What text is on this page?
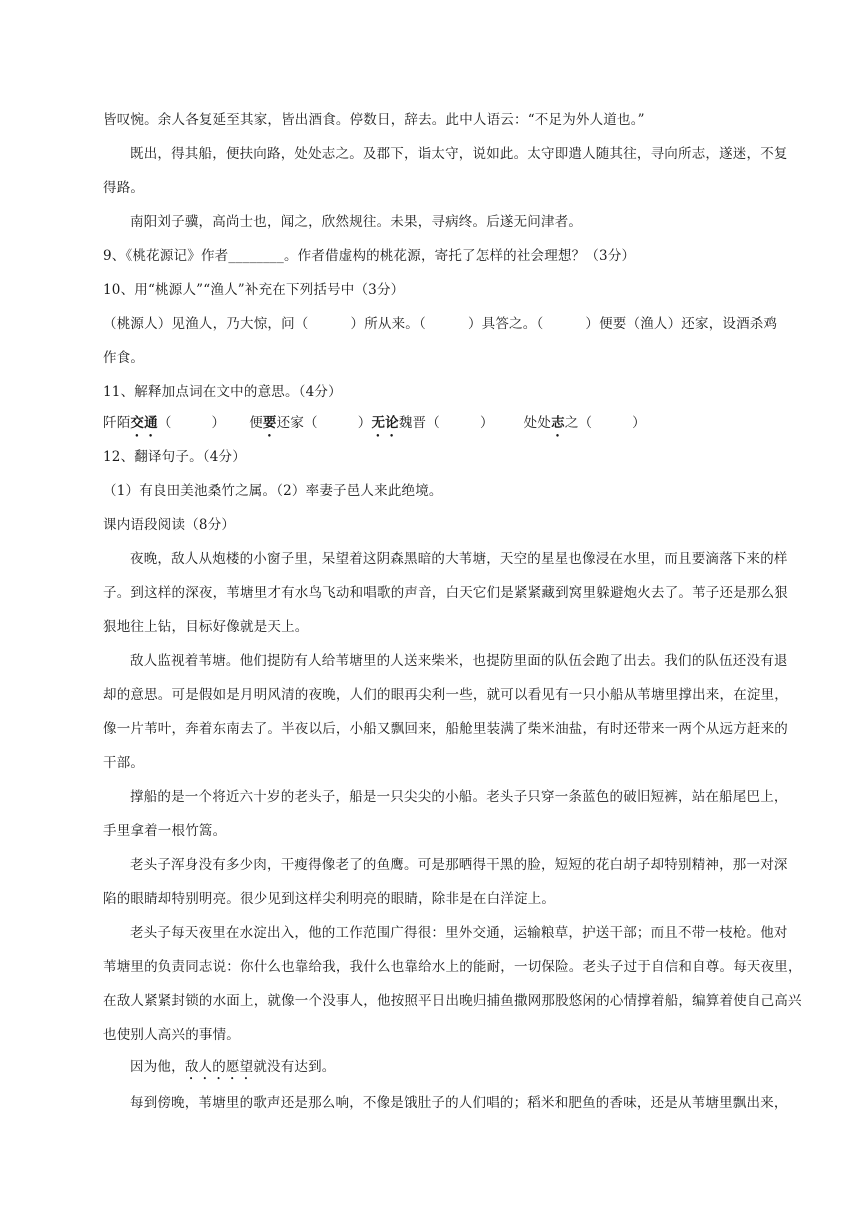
皆叹惋。余人各复延至其家，皆出酒食。停数日，辞去。此中人语云：“不足为外人道也。”
既出，得其船，便扶向路，处处志之。及郡下，诣太守，说如此。太守即遣人随其往，寻向所志，遂迷，不复
得路。
南阳刘子骥，高尚士也，闻之，欣然规往。未果，寻病终。后遂无问津者。
9、《桃花源记》作者________。作者借虚构的桃花源，寄托了怎样的社会理想？（3分）
10、用“桃源人”“渔人”补充在下列括号中（3分）
（桃源人）见渔人，乃大惊，问（	）所从来。（	）具答之。（	）便要（渔人）还家，设酒杀鸡
作食。
11、解释加点词在文中的意思。（4分）
阡陌交通（	） 便要还家（	）无论魏晋（	） 处处志之（	）
12、翻译句子。（4分）
（1）有良田美池桑竹之属。（2）率妻子邑人来此绝境。
课内语段阅读（8分）
夜晚，敌人从炮楼的小窗子里，呆望着这阴森黑暗的大苇塘，天空的星星也像浸在水里，而且要滴落下来的样
子。到这样的深夜，苇塘里才有水鸟飞动和唱歌的声音，白天它们是紧紧藏到窝里躲避炮火去了。苇子还是那么狠
狠地往上钻，目标好像就是天上。
敌人监视着苇塘。他们提防有人给苇塘里的人送来柴米，也提防里面的队伍会跑了出去。我们的队伍还没有退
却的意思。可是假如是月明风清的夜晚，人们的眼再尖利一些，就可以看见有一只小船从苇塘里撑出来，在淀里，
像一片苇叶，奔着东南去了。半夜以后，小船又飘回来，船舱里装满了柴米油盐，有时还带来一两个从远方赶来的
干部。
撑船的是一个将近六十岁的老头子，船是一只尖尖的小船。老头子只穿一条蓝色的破旧短裤，站在船尾巴上，
手里拿着一根竹篙。
老头子浑身没有多少肉，干瘦得像老了的鱼鹰。可是那晒得干黑的脸，短短的花白胡子却特别精神，那一对深
陷的眼睛却特别明亮。很少见到这样尖利明亮的眼睛，除非是在白洋淀上。
老头子每天夜里在水淀出入，他的工作范围广得很：里外交通，运输粮草，护送干部；而且不带一枝枪。他对
苇塘里的负责同志说：你什么也靠给我，我什么也靠给水上的能耐，一切保险。老头子过于自信和自尊。每天夜里，
在敌人紧紧封锁的水面上，就像一个没事人，他按照平日出晚归捕鱼撒网那股悠闲的心情撑着船，编算着使自己高兴
也使别人高兴的事情。
因为他，敌人的愿望就没有达到。
每到傍晚，苇塘里的歌声还是那么响，不像是饿肚子的人们唱的；稻米和肥鱼的香味，还是从苇塘里飘出来，
